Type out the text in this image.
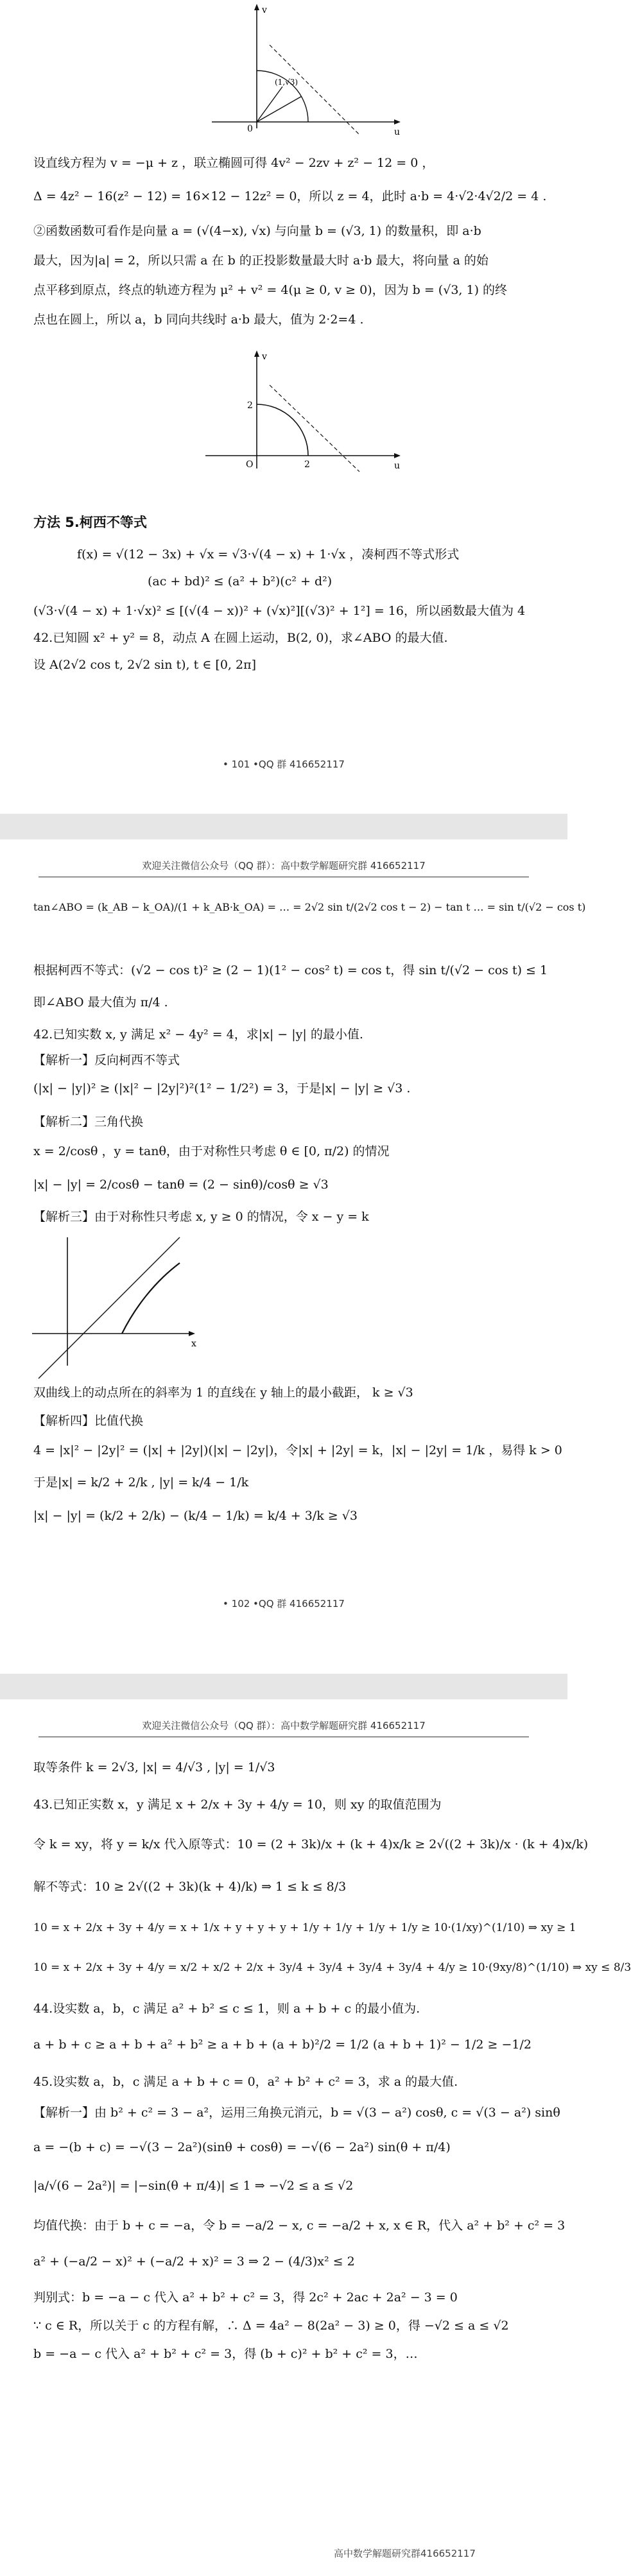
v
u
0
(1,√3)
设直线方程为 v = −μ + z ，联立椭圆可得 4v² − 2zv + z² − 12 = 0 ，
Δ = 4z² − 16(z² − 12) = 16×12 − 12z² = 0，所以 z = 4，此时 a·b = 4·√2·4√2/2 = 4 .
②函数函数可看作是向量 a = (√(4−x), √x) 与向量 b = (√3, 1) 的数量积，即 a·b
最大，因为|a| = 2，所以只需 a 在 b 的正投影数量最大时 a·b 最大，将向量 a 的始
点平移到原点，终点的轨迹方程为 μ² + v² = 4(μ ≥ 0, v ≥ 0)，因为 b = (√3, 1) 的终
点也在圆上，所以 a，b 同向共线时 a·b 最大，值为 2·2=4 .
v
u
O
2
2
方法 5.柯西不等式
f(x) = √(12 − 3x) + √x = √3·√(4 − x) + 1·√x ，凑柯西不等式形式
(ac + bd)² ≤ (a² + b²)(c² + d²)
(√3·√(4 − x) + 1·√x)² ≤ [(√(4 − x))² + (√x)²][(√3)² + 1²] = 16，所以函数最大值为 4
42.已知圆 x² + y² = 8，动点 A 在圆上运动，B(2, 0)，求∠ABO 的最大值.
设 A(2√2 cos t, 2√2 sin t), t ∈ [0, 2π]
• 101 •QQ 群 416652117
欢迎关注微信公众号（QQ 群）：高中数学解题研究群 416652117
tan∠ABO = (k_AB − k_OA)/(1 + k_AB·k_OA) = … = 2√2 sin t/(2√2 cos t − 2) − tan t … = sin t/(√2 − cos t)
根据柯西不等式：(√2 − cos t)² ≥ (2 − 1)(1² − cos² t) = cos t，得 sin t/(√2 − cos t) ≤ 1
即∠ABO 最大值为 π/4 .
42.已知实数 x, y 满足 x² − 4y² = 4，求|x| − |y| 的最小值.
【解析一】反向柯西不等式
(|x| − |y|)² ≥ (|x|² − |2y|²)²(1² − 1/2²) = 3，于是|x| − |y| ≥ √3 .
【解析二】三角代换
x = 2/cosθ ，y = tanθ，由于对称性只考虑 θ ∈ [0, π/2) 的情况
|x| − |y| = 2/cosθ − tanθ = (2 − sinθ)/cosθ ≥ √3
【解析三】由于对称性只考虑 x, y ≥ 0 的情况，令 x − y = k
x
双曲线上的动点所在的斜率为 1 的直线在 y 轴上的最小截距， k ≥ √3
【解析四】比值代换
4 = |x|² − |2y|² = (|x| + |2y|)(|x| − |2y|)，令|x| + |2y| = k，|x| − |2y| = 1/k ，易得 k > 0
于是|x| = k/2 + 2/k , |y| = k/4 − 1/k
|x| − |y| = (k/2 + 2/k) − (k/4 − 1/k) = k/4 + 3/k ≥ √3
• 102 •QQ 群 416652117
欢迎关注微信公众号（QQ 群）：高中数学解题研究群 416652117
取等条件 k = 2√3, |x| = 4/√3 , |y| = 1/√3
43.已知正实数 x，y 满足 x + 2/x + 3y + 4/y = 10，则 xy 的取值范围为
令 k = xy，将 y = k/x 代入原等式：10 = (2 + 3k)/x + (k + 4)x/k ≥ 2√((2 + 3k)/x · (k + 4)x/k)
解不等式：10 ≥ 2√((2 + 3k)(k + 4)/k) ⇒ 1 ≤ k ≤ 8/3
10 = x + 2/x + 3y + 4/y = x + 1/x + y + y + y + 1/y + 1/y + 1/y + 1/y ≥ 10·(1/xy)^(1/10) ⇒ xy ≥ 1
10 = x + 2/x + 3y + 4/y = x/2 + x/2 + 2/x + 3y/4 + 3y/4 + 3y/4 + 3y/4 + 4/y ≥ 10·(9xy/8)^(1/10) ⇒ xy ≤ 8/3
44.设实数 a，b，c 满足 a² + b² ≤ c ≤ 1，则 a + b + c 的最小值为.
a + b + c ≥ a + b + a² + b² ≥ a + b + (a + b)²/2 = 1/2 (a + b + 1)² − 1/2 ≥ −1/2
45.设实数 a，b，c 满足 a + b + c = 0，a² + b² + c² = 3，求 a 的最大值.
【解析一】由 b² + c² = 3 − a²，运用三角换元消元，b = √(3 − a²) cosθ, c = √(3 − a²) sinθ
a = −(b + c) = −√(3 − 2a²)(sinθ + cosθ) = −√(6 − 2a²) sin(θ + π/4)
|a/√(6 − 2a²)| = |−sin(θ + π/4)| ≤ 1 ⇒ −√2 ≤ a ≤ √2
均值代换：由于 b + c = −a，令 b = −a/2 − x, c = −a/2 + x, x ∈ R，代入 a² + b² + c² = 3
a² + (−a/2 − x)² + (−a/2 + x)² = 3 ⇒ 2 − (4/3)x² ≤ 2
判别式：b = −a − c 代入 a² + b² + c² = 3，得 2c² + 2ac + 2a² − 3 = 0
∵ c ∈ R，所以关于 c 的方程有解，∴ Δ = 4a² − 8(2a² − 3) ≥ 0，得 −√2 ≤ a ≤ √2
b = −a − c 代入 a² + b² + c² = 3，得 (b + c)² + b² + c² = 3，…
高中数学解题研究群416652117
